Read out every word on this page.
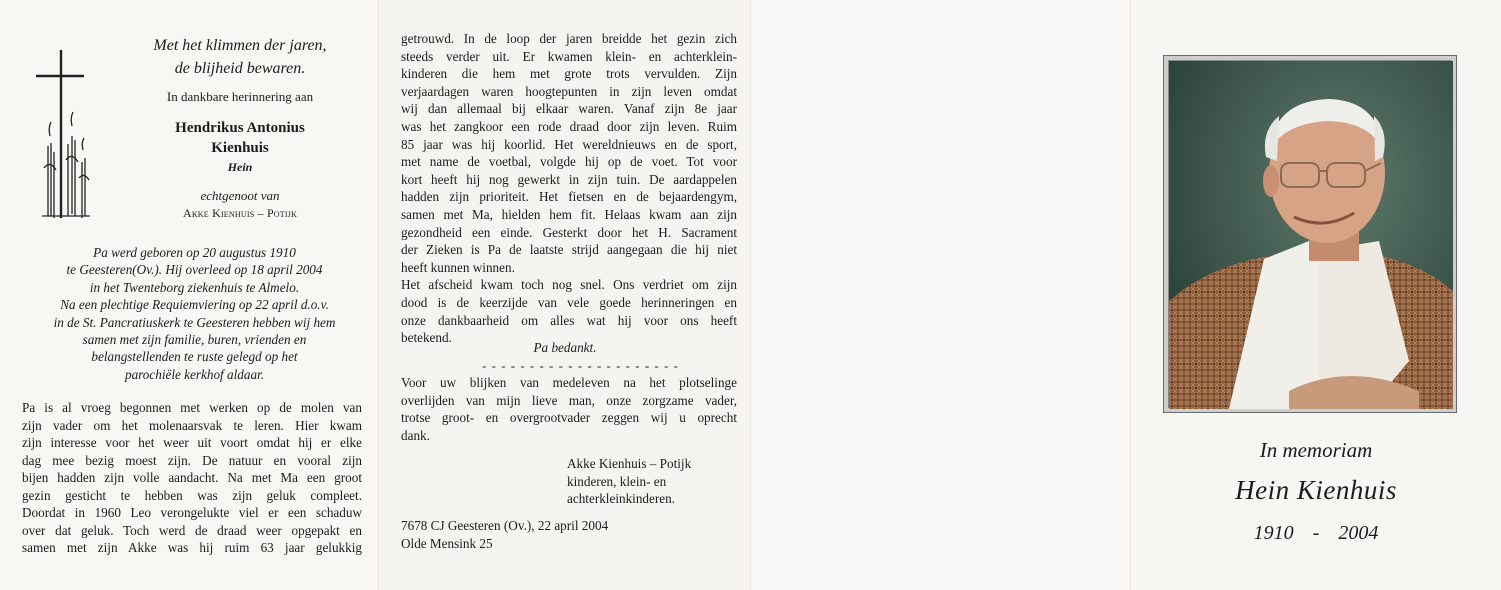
Met het klimmen der jaren,
de blijheid bewaren.
In dankbare herinnering aan
Hendrikus Antonius
Kienhuis
Hein
echtgenoot van
Akke Kienhuis – Potijk
Pa werd geboren op 20 augustus 1910
te Geesteren(Ov.). Hij overleed op 18 april 2004
in het Twenteborg ziekenhuis te Almelo.
Na een plechtige Requiemviering op 22 april d.o.v.
in de St. Pancratiuskerk te Geesteren hebben wij hem
samen met zijn familie, buren, vrienden en
belangstellenden te ruste gelegd op het
parochiële kerkhof aldaar.
Pa is al vroeg begonnen met werken op de molen van
zijn vader om het molenaarsvak te leren. Hier kwam
zijn interesse voor het weer uit voort omdat hij er elke
dag mee bezig moest zijn. De natuur en vooral zijn
bijen hadden zijn volle aandacht. Na met Ma een groot
gezin gesticht te hebben was zijn geluk compleet.
Doordat in 1960 Leo verongelukte viel er een schaduw
over dat geluk. Toch werd de draad weer opgepakt en
samen met zijn Akke was hij ruim 63 jaar gelukkig
getrouwd. In de loop der jaren breidde het gezin zich
steeds verder uit. Er kwamen klein- en achterklein-
kinderen die hem met grote trots vervulden. Zijn
verjaardagen waren hoogtepunten in zijn leven omdat
wij dan allemaal bij elkaar waren. Vanaf zijn 8e jaar
was het zangkoor een rode draad door zijn leven. Ruim
85 jaar was hij koorlid. Het wereldnieuws en de sport,
met name de voetbal, volgde hij op de voet. Tot voor
kort heeft hij nog gewerkt in zijn tuin. De aardappelen
hadden zijn prioriteit. Het fietsen en de bejaardengym,
samen met Ma, hielden hem fit. Helaas kwam aan zijn
gezondheid een einde. Gesterkt door het H. Sacrament
der Zieken is Pa de laatste strijd aangegaan die hij niet
heeft kunnen winnen.
Het afscheid kwam toch nog snel. Ons verdriet om zijn
dood is de keerzijde van vele goede herinneringen en
onze dankbaarheid om alles wat hij voor ons heeft
betekend.
Pa bedankt.
- - - - - - - - - - - - - - - - - - - - -
Voor uw blijken van medeleven na het plotselinge
overlijden van mijn lieve man, onze zorgzame vader,
trotse groot- en overgrootvader zeggen wij u oprecht
dank.
Akke Kienhuis – Potijk
kinderen, klein- en
achterkleinkinderen.
7678 CJ Geesteren (Ov.), 22 april 2004
Olde Mensink 25
In memoriam
Hein Kienhuis
1910 - 2004
